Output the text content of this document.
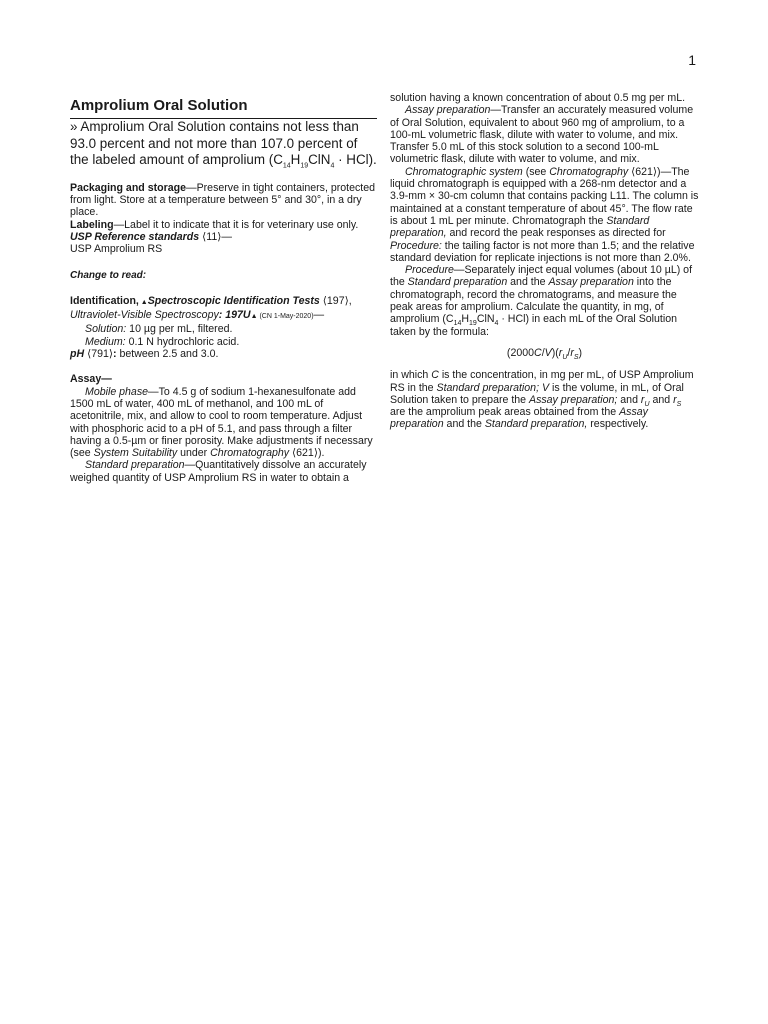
1
Amprolium Oral Solution

» Amprolium Oral Solution contains not less than 93.0 percent and not more than 107.0 percent of the labeled amount of amprolium $(C_{14}H_{19}ClN_4 \cdot HCl)$.

Packaging and storage—Preserve in tight containers, protected from light. Store at a temperature between 5° and 30°, in a dry place.

Labeling—Label it to indicate that it is for veterinary use only.

USP Reference standards ⟨11⟩—

USP Amprolium RS

Change to read:

Identification, ▲Spectroscopic Identification Tests ⟨197⟩,

Ultraviolet-Visible Spectroscopy: 197U▲ (CN 1-May-2020)—

Solution: 10 µg per mL, filtered.

Medium: 0.1 N hydrochloric acid.

pH ⟨791⟩: between 2.5 and 3.0.

Assay—

Mobile phase—To 4.5 g of sodium 1-hexanesulfonate add 1500 mL of water, 400 mL of methanol, and 100 mL of acetonitrile, mix, and allow to cool to room temperature. Adjust with phosphoric acid to a pH of 5.1, and pass through a filter having a 0.5-µm or finer porosity. Make adjustments if necessary (see System Suitability under Chromatography ⟨621⟩).

Standard preparation—Quantitatively dissolve an accurately weighed quantity of USP Amprolium RS in water to obtain a

solution having a known concentration of about 0.5 mg per mL.

Assay preparation—Transfer an accurately measured volume of Oral Solution, equivalent to about 960 mg of amprolium, to a 100-mL volumetric flask, dilute with water to volume, and mix. Transfer 5.0 mL of this stock solution to a second 100-mL volumetric flask, dilute with water to volume, and mix.

Chromatographic system (see Chromatography ⟨621⟩)—The liquid chromatograph is equipped with a 268-nm detector and a 3.9-mm × 30-cm column that contains packing L11. The column is maintained at a constant temperature of about 45°. The flow rate is about 1 mL per minute. Chromatograph the Standard preparation, and record the peak responses as directed for Procedure: the tailing factor is not more than 1.5; and the relative standard deviation for replicate injections is not more than 2.0%.

Procedure—Separately inject equal volumes (about 10 µL) of the Standard preparation and the Assay preparation into the chromatograph, record the chromatograms, and measure the peak areas for amprolium. Calculate the quantity, in mg, of amprolium $(C_{14}H_{19}ClN_4 \cdot HCl)$ in each mL of the Oral Solution taken by the formula:

$(2000C/V)(r_U/r_S)$

in which C is the concentration, in mg per mL, of USP Amprolium RS in the Standard preparation; V is the volume, in mL, of Oral Solution taken to prepare the Assay preparation; and $r_U$ and $r_S$ are the amprolium peak areas obtained from the Assay preparation and the Standard preparation, respectively.
